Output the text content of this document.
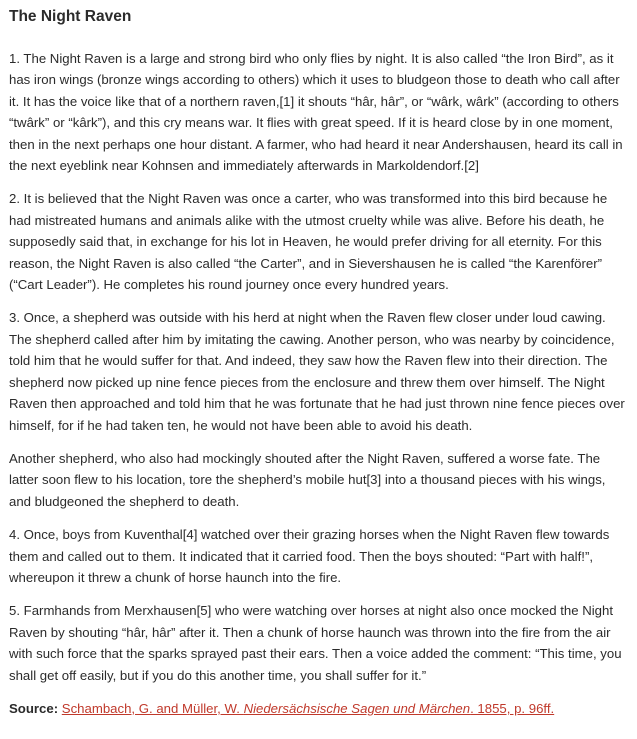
The Night Raven

1. The Night Raven is a large and strong bird who only flies by night. It is also called “the Iron Bird”, as it has iron wings (bronze wings according to others) which it uses to bludgeon those to death who call after it. It has the voice like that of a northern raven,[1] it shouts “hâr, hâr”, or “wârk, wârk” (according to others “twârk” or “kârk”), and this cry means war. It flies with great speed. If it is heard close by in one moment, then in the next perhaps one hour distant. A farmer, who had heard it near Andershausen, heard its call in the next eyeblink near Kohnsen and immediately afterwards in Markoldendorf.[2]

2. It is believed that the Night Raven was once a carter, who was transformed into this bird because he had mistreated humans and animals alike with the utmost cruelty while was alive. Before his death, he supposedly said that, in exchange for his lot in Heaven, he would prefer driving for all eternity. For this reason, the Night Raven is also called “the Carter”, and in Sievershausen he is called “the Karenförer” (“Cart Leader”). He completes his round journey once every hundred years.

3. Once, a shepherd was outside with his herd at night when the Raven flew closer under loud cawing. The shepherd called after him by imitating the cawing. Another person, who was nearby by coincidence, told him that he would suffer for that. And indeed, they saw how the Raven flew into their direction. The shepherd now picked up nine fence pieces from the enclosure and threw them over himself. The Night Raven then approached and told him that he was fortunate that he had just thrown nine fence pieces over himself, for if he had taken ten, he would not have been able to avoid his death.

Another shepherd, who also had mockingly shouted after the Night Raven, suffered a worse fate. The latter soon flew to his location, tore the shepherd’s mobile hut[3] into a thousand pieces with his wings, and bludgeoned the shepherd to death.

4. Once, boys from Kuventhal[4] watched over their grazing horses when the Night Raven flew towards them and called out to them. It indicated that it carried food. Then the boys shouted: “Part with half!”, whereupon it threw a chunk of horse haunch into the fire.

5. Farmhands from Merxhausen[5] who were watching over horses at night also once mocked the Night Raven by shouting “hâr, hâr” after it. Then a chunk of horse haunch was thrown into the fire from the air with such force that the sparks sprayed past their ears. Then a voice added the comment: “This time, you shall get off easily, but if you do this another time, you shall suffer for it.”

Source: Schambach, G. and Müller, W. Niedersächsische Sagen und Märchen. 1855, p. 96ff.
